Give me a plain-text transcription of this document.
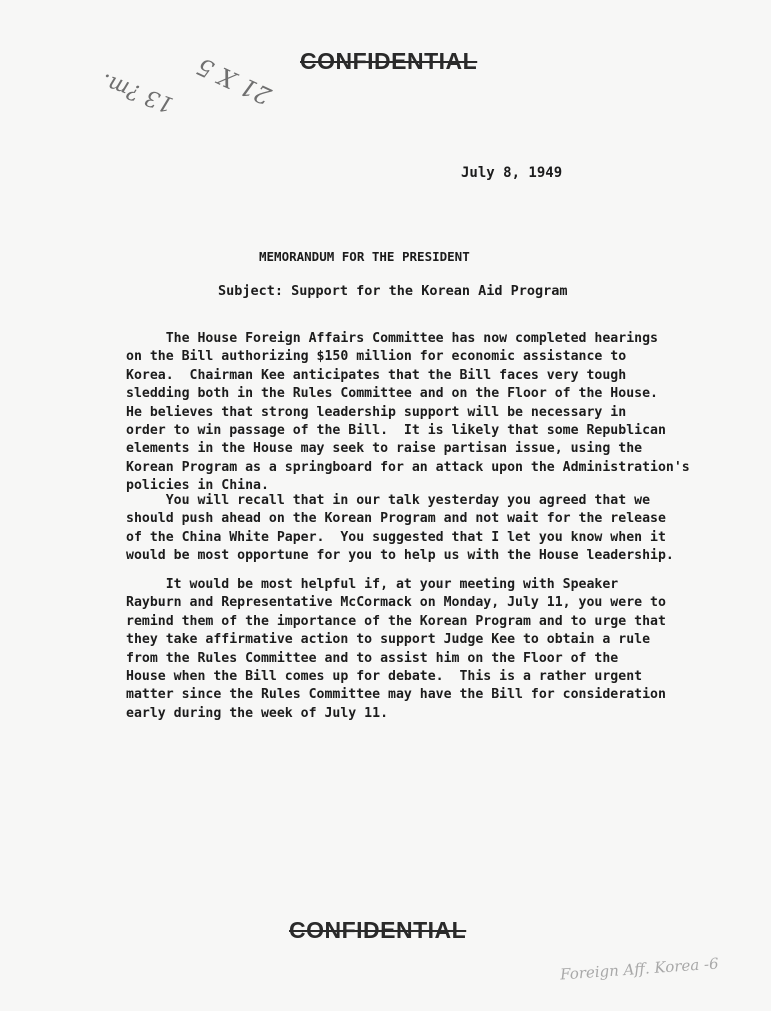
CONFIDENTIAL
13 ?m. 21 X 5
July 8, 1949
MEMORANDUM FOR THE PRESIDENT
Subject: Support for the Korean Aid Program
The House Foreign Affairs Committee has now completed hearings
on the Bill authorizing $150 million for economic assistance to
Korea.  Chairman Kee anticipates that the Bill faces very tough
sledding both in the Rules Committee and on the Floor of the House.
He believes that strong leadership support will be necessary in
order to win passage of the Bill.  It is likely that some Republican
elements in the House may seek to raise partisan issue, using the
Korean Program as a springboard for an attack upon the Administration's
policies in China.
You will recall that in our talk yesterday you agreed that we
should push ahead on the Korean Program and not wait for the release
of the China White Paper.  You suggested that I let you know when it
would be most opportune for you to help us with the House leadership.
It would be most helpful if, at your meeting with Speaker
Rayburn and Representative McCormack on Monday, July 11, you were to
remind them of the importance of the Korean Program and to urge that
they take affirmative action to support Judge Kee to obtain a rule
from the Rules Committee and to assist him on the Floor of the
House when the Bill comes up for debate.  This is a rather urgent
matter since the Rules Committee may have the Bill for consideration
early during the week of July 11.
CONFIDENTIAL
Foreign Aff. Korea -6
